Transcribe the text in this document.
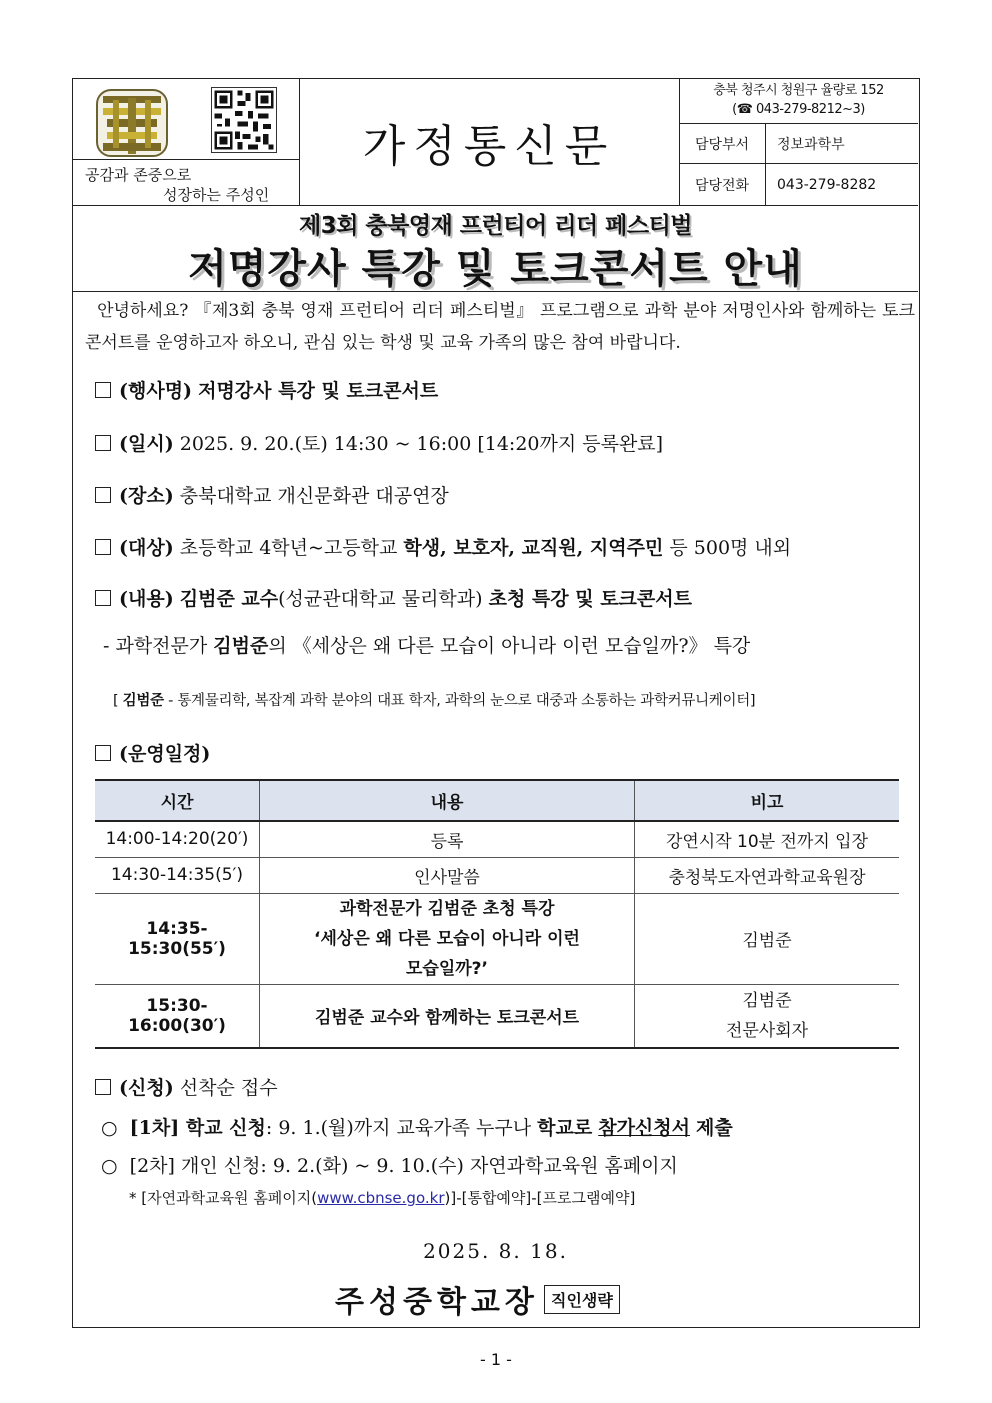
공감과 존중으로
성장하는 주성인
가정통신문
충북 청주시 청원구 율량로 152
(☎ 043-279-8212~3)
담당부서	정보과학부
담당전화	043-279-8282
제3회 충북영재 프런티어 리더 페스티벌
저명강사 특강 및 토크콘서트 안내
안녕하세요? 『제3회 충북 영재 프런티어 리더 페스티벌』 프로그램으로 과학 분야 저명인사와 함께하는 토크콘서트를 운영하고자 하오니, 관심 있는 학생 및 교육 가족의 많은 참여 바랍니다.
(행사명) 저명강사 특강 및 토크콘서트
(일시) 2025. 9. 20.(토) 14:30 ~ 16:00 [14:20까지 등록완료]
(장소) 충북대학교 개신문화관 대공연장
(대상) 초등학교 4학년~고등학교 학생, 보호자, 교직원, 지역주민 등 500명 내외
(내용) 김범준 교수(성균관대학교 물리학과) 초청 특강 및 토크콘서트
- 과학전문가 김범준의 《세상은 왜 다른 모습이 아니라 이런 모습일까?》 특강
[ 김범준 - 통계물리학, 복잡계 과학 분야의 대표 학자, 과학의 눈으로 대중과 소통하는 과학커뮤니케이터]
(운영일정)
시간	내용	비고
14:00-14:20(20′)	등록	강연시작 10분 전까지 입장
14:30-14:35(5′)	인사말씀	충청북도자연과학교육원장
14:35-15:30(55′)	과학전문가 김범준 초청 특강
‘세상은 왜 다른 모습이 아니라 이런
모습일까?’	김범준
15:30-16:00(30′)	김범준 교수와 함께하는 토크콘서트	김범준
전문사회자
(신청) 선착순 접수
○  [1차] 학교 신청: 9. 1.(월)까지 교육가족 누구나 학교로 참가신청서 제출
○  [2차] 개인 신청: 9. 2.(화) ~ 9. 10.(수) 자연과학교육원 홈페이지
* [자연과학교육원 홈페이지(www.cbnse.go.kr)]-[통합예약]-[프로그램예약]
2025. 8. 18.
주성중학교장 직인생략
- 1 -
